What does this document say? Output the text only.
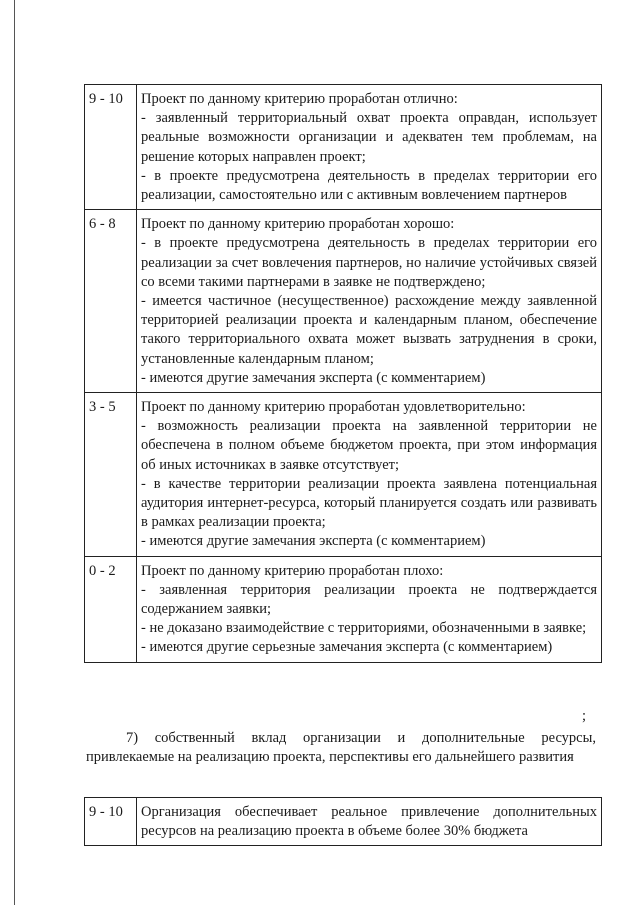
9 - 10	Проект по данному критерию проработан отлично:
- заявленный территориальный охват проекта оправдан, использует реальные возможности организации и адекватен тем проблемам, на решение которых направлен проект;
- в проекте предусмотрена деятельность в пределах территории его реализации, самостоятельно или с активным вовлечением партнеров

6 - 8	Проект по данному критерию проработан хорошо:
- в проекте предусмотрена деятельность в пределах территории его реализации за счет вовлечения партнеров, но наличие устойчивых связей со всеми такими партнерами в заявке не подтверждено;
- имеется частичное (несущественное) расхождение между заявленной территорией реализации проекта и календарным планом, обеспечение такого территориального охвата может вызвать затруднения в сроки, установленные календарным планом;
- имеются другие замечания эксперта (с комментарием)

3 - 5	Проект по данному критерию проработан удовлетворительно:
- возможность реализации проекта на заявленной территории не обеспечена в полном объеме бюджетом проекта, при этом информация об иных источниках в заявке отсутствует;
- в качестве территории реализации проекта заявлена потенциальная аудитория интернет-ресурса, который планируется создать или развивать в рамках реализации проекта;
- имеются другие замечания эксперта (с комментарием)

0 - 2	Проект по данному критерию проработан плохо:
- заявленная территория реализации проекта не подтверждается содержанием заявки;
- не доказано взаимодействие с территориями, обозначенными в заявке;
- имеются другие серьезные замечания эксперта (с комментарием)
;
7) собственный вклад организации и дополнительные ресурсы, привлекаемые на реализацию проекта, перспективы его дальнейшего развития
9 - 10	Организация обеспечивает реальное привлечение дополнительных ресурсов на реализацию проекта в объеме более 30% бюджета
